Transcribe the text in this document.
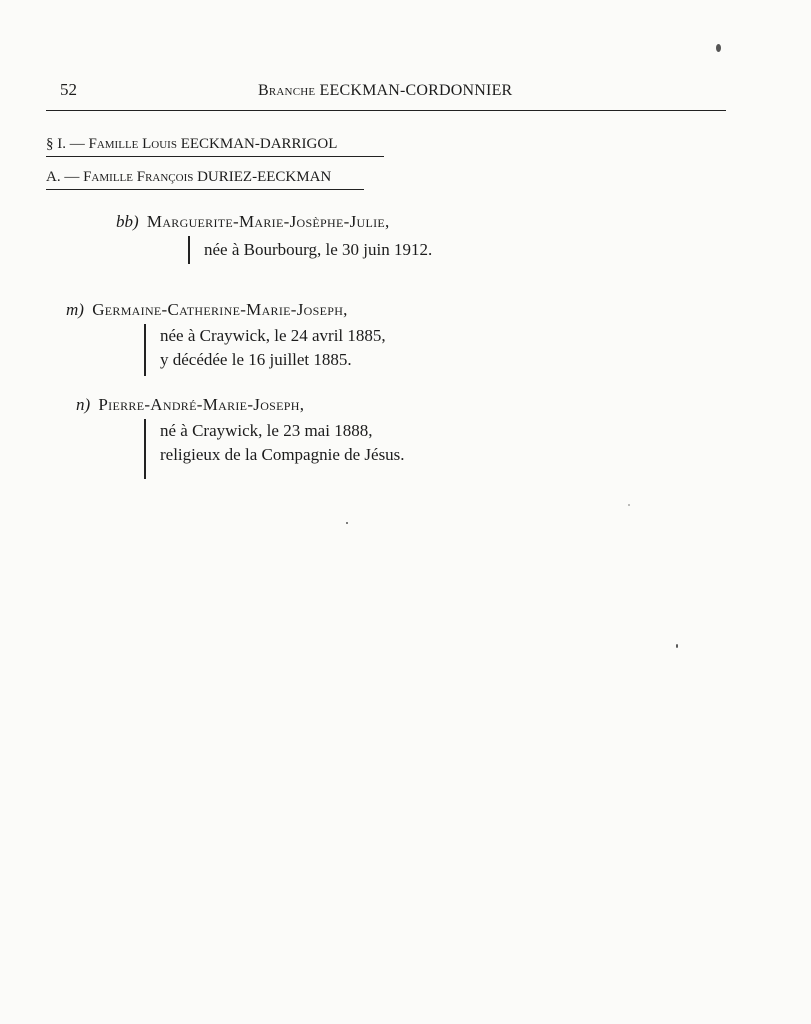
52	Branche EECKMAN-CORDONNIER
§ I. — Famille Louis EECKMAN-DARRIGOL
A. — Famille François DURIEZ-EECKMAN
bb) Marguerite-Marie-Josèphe-Julie,
née à Bourbourg, le 30 juin 1912.
m) Germaine-Catherine-Marie-Joseph,
née à Craywick, le 24 avril 1885,
y décédée le 16 juillet 1885.
n) Pierre-André-Marie-Joseph,
né à Craywick, le 23 mai 1888,
religieux de la Compagnie de Jésus.
